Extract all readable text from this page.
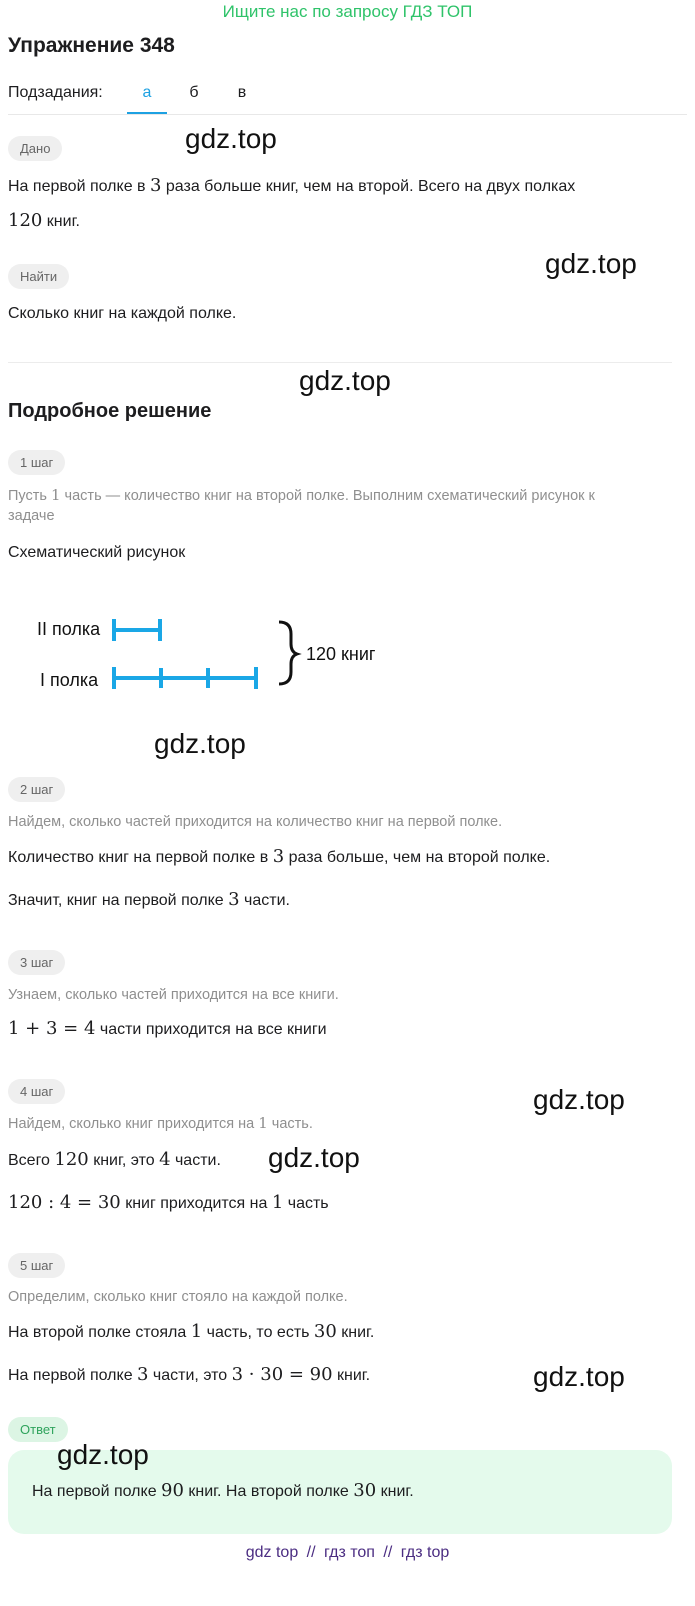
Ищите нас по запросу ГДЗ ТОП
Упражнение 348
Подзадания:	а	б	в
Дано
На первой полке в 3 раза больше книг, чем на второй. Всего на двух полках
120 книг.
Найти
Сколько книг на каждой полке.
Подробное решение
1 шаг
Пусть 1 часть — количество книг на второй полке. Выполним схематический рисунок к
задаче
Схематический рисунок
II полка
I полка
120 книг
2 шаг
Найдем, сколько частей приходится на количество книг на первой полке.
Количество книг на первой полке в 3 раза больше, чем на второй полке.
Значит, книг на первой полке 3 части.
3 шаг
Узнаем, сколько частей приходится на все книги.
1 + 3 = 4 части приходится на все книги
4 шаг
Найдем, сколько книг приходится на 1 часть.
Всего 120 книг, это 4 части.
120 : 4 = 30 книг приходится на 1 часть
5 шаг
Определим, сколько книг стояло на каждой полке.
На второй полке стояла 1 часть, то есть 30 книг.
На первой полке 3 части, это 3 · 30 = 90 книг.
Ответ
На первой полке 90 книг. На второй полке 30 книг.
gdz.top
gdz.top
gdz.top
gdz.top
gdz.top
gdz.top
gdz.top
gdz.top
gdz top // гдз топ // гдз top
